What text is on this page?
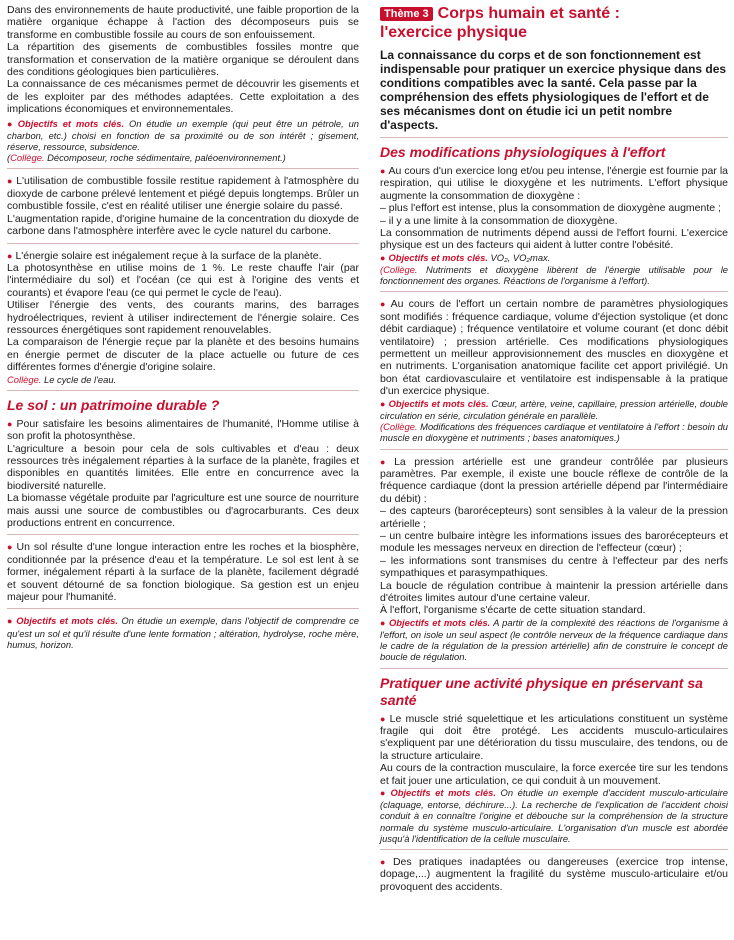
Dans des environnements de haute productivité, une faible proportion de la matière organique échappe à l'action des décomposeurs puis se transforme en combustible fossile au cours de son enfouissement.

La répartition des gisements de combustibles fossiles montre que transformation et conservation de la matière organique se déroulent dans des conditions géologiques bien particulières.

La connaissance de ces mécanismes permet de découvrir les gisements et de les exploiter par des méthodes adaptées. Cette exploitation a des implications économiques et environnementales.

● Objectifs et mots clés. On étudie un exemple (qui peut être un pétrole, un charbon, etc.) choisi en fonction de sa proximité ou de son intérêt ; gisement, réserve, ressource, subsidence.

(Collège. Décomposeur, roche sédimentaire, paléoenvironnement.)

● L'utilisation de combustible fossile restitue rapidement à l'atmosphère du dioxyde de carbone prélevé lentement et piégé depuis longtemps. Brûler un combustible fossile, c'est en réalité utiliser une énergie solaire du passé.

L'augmentation rapide, d'origine humaine de la concentration du dioxyde de carbone dans l'atmosphère interfère avec le cycle naturel du carbone.

● L'énergie solaire est inégalement reçue à la surface de la planète.

La photosynthèse en utilise moins de 1 %. Le reste chauffe l'air (par l'intermédiaire du sol) et l'océan (ce qui est à l'origine des vents et courants) et évapore l'eau (ce qui permet le cycle de l'eau).

Utiliser l'énergie des vents, des courants marins, des barrages hydroélectriques, revient à utiliser indirectement de l'énergie solaire. Ces ressources énergétiques sont rapidement renouvelables.

La comparaison de l'énergie reçue par la planète et des besoins humains en énergie permet de discuter de la place actuelle ou future de ces différentes formes d'énergie d'origine solaire.

Collège. Le cycle de l'eau.

Le sol : un patrimoine durable ?

● Pour satisfaire les besoins alimentaires de l'humanité, l'Homme utilise à son profit la photosynthèse.

L'agriculture a besoin pour cela de sols cultivables et d'eau : deux ressources très inégalement réparties à la surface de la planète, fragiles et disponibles en quantités limitées. Elle entre en concurrence avec la biodiversité naturelle.

La biomasse végétale produite par l'agriculture est une source de nourriture mais aussi une source de combustibles ou d'agrocarburants. Ces deux productions entrent en concurrence.

● Un sol résulte d'une longue interaction entre les roches et la biosphère, conditionnée par la présence d'eau et la température. Le sol est lent à se former, inégalement réparti à la surface de la planète, facilement dégradé et souvent détourné de sa fonction biologique. Sa gestion est un enjeu majeur pour l'humanité.

● Objectifs et mots clés. On étudie un exemple, dans l'objectif de comprendre ce qu'est un sol et qu'il résulte d'une lente formation ; altération, hydrolyse, roche mère, humus, horizon.

Thème 3 Corps humain et santé :
l'exercice physique

La connaissance du corps et de son fonctionnement est indispensable pour pratiquer un exercice physique dans des conditions compatibles avec la santé. Cela passe par la compréhension des effets physiologiques de l'effort et de ses mécanismes dont on étudie ici un petit nombre d'aspects.

Des modifications physiologiques à l'effort

● Au cours d'un exercice long et/ou peu intense, l'énergie est fournie par la respiration, qui utilise le dioxygène et les nutriments. L'effort physique augmente la consommation de dioxygène :

– plus l'effort est intense, plus la consommation de dioxygène augmente ;

– il y a une limite à la consommation de dioxygène.

La consommation de nutriments dépend aussi de l'effort fourni. L'exercice physique est un des facteurs qui aident à lutter contre l'obésité.

● Objectifs et mots clés. VO₂, VO₂max.

(Collège. Nutriments et dioxygène libèrent de l'énergie utilisable pour le fonctionnement des organes. Réactions de l'organisme à l'effort).

● Au cours de l'effort un certain nombre de paramètres physiologiques sont modifiés : fréquence cardiaque, volume d'éjection systolique (et donc débit cardiaque) ; fréquence ventilatoire et volume courant (et donc débit ventilatoire) ; pression artérielle. Ces modifications physiologiques permettent un meilleur approvisionnement des muscles en dioxygène et en nutriments. L'organisation anatomique facilite cet apport privilégié. Un bon état cardiovasculaire et ventilatoire est indispensable à la pratique d'un exercice physique.

● Objectifs et mots clés. Cœur, artère, veine, capillaire, pression artérielle, double circulation en série, circulation générale en parallèle.

(Collège. Modifications des fréquences cardiaque et ventilatoire à l'effort : besoin du muscle en dioxygène et nutriments ; bases anatomiques.)

● La pression artérielle est une grandeur contrôlée par plusieurs paramètres. Par exemple, il existe une boucle réflexe de contrôle de la fréquence cardiaque (dont la pression artérielle dépend par l'intermédiaire du débit) :

– des capteurs (barorécepteurs) sont sensibles à la valeur de la pression artérielle ;

– un centre bulbaire intègre les informations issues des barorécepteurs et module les messages nerveux en direction de l'effecteur (cœur) ;

– les informations sont transmises du centre à l'effecteur par des nerfs sympathiques et parasympathiques.

La boucle de régulation contribue à maintenir la pression artérielle dans d'étroites limites autour d'une certaine valeur.

À l'effort, l'organisme s'écarte de cette situation standard.

● Objectifs et mots clés. A partir de la complexité des réactions de l'organisme à l'effort, on isole un seul aspect (le contrôle nerveux de la fréquence cardiaque dans le cadre de la régulation de la pression artérielle) afin de construire le concept de boucle de régulation.

Pratiquer une activité physique en préservant sa santé

● Le muscle strié squelettique et les articulations constituent un système fragile qui doit être protégé. Les accidents musculo-articulaires s'expliquent par une détérioration du tissu musculaire, des tendons, ou de la structure articulaire.

Au cours de la contraction musculaire, la force exercée tire sur les tendons et fait jouer une articulation, ce qui conduit à un mouvement.

● Objectifs et mots clés. On étudie un exemple d'accident musculo-articulaire (claquage, entorse, déchirure...). La recherche de l'explication de l'accident choisi conduit à en connaître l'origine et débouche sur la compréhension de la structure normale du système musculo-articulaire. L'organisation d'un muscle est abordée jusqu'à l'identification de la cellule musculaire.

● Des pratiques inadaptées ou dangereuses (exercice trop intense, dopage,...) augmentent la fragilité du système musculo-articulaire et/ou provoquent des accidents.
